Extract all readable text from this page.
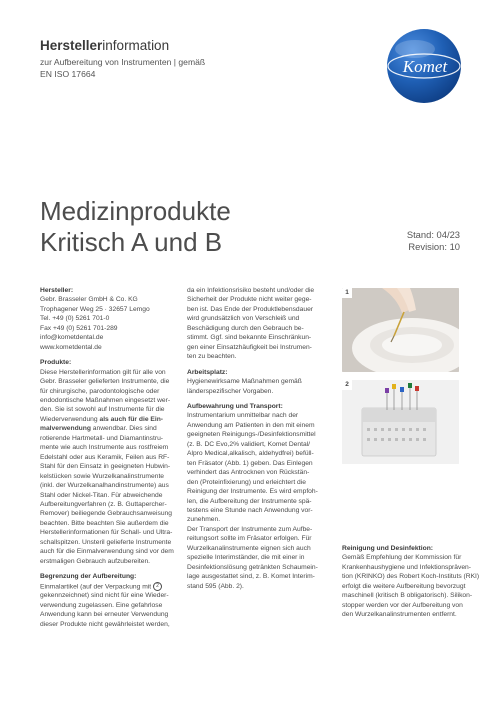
Herstellerinformation
zur Aufbereitung von Instrumenten | gemäß
EN ISO 17664	Komet
Medizinprodukte
Kritisch A und B	Stand: 04/23
Revision: 10

Hersteller:
Gebr. Brasseler GmbH & Co. KG
Trophagener Weg 25 · 32657 Lemgo
Tel. +49 (0) 5261 701-0
Fax +49 (0) 5261 701-289
info@kometdental.de
www.kometdental.de

Produkte:
Diese Herstellerinformation gilt für alle von
Gebr. Brasseler gelieferten Instrumente, die
für chirurgische, parodontologische oder
endodontische Maßnahmen eingesetzt wer-
den. Sie ist sowohl auf Instrumente für die
Wiederverwendung als auch für die Ein-
malverwendung anwendbar. Dies sind
rotierende Hartmetall- und Diamantinstru-
mente wie auch Instrumente aus rostfreiem
Edelstahl oder aus Keramik, Feilen aus RF-
Stahl für den Einsatz in geeigneten Hubwin-
kelstücken sowie Wurzelkanalinstrumente
(inkl. der Wurzelkanalhandinstrumente) aus
Stahl oder Nickel-Titan. Für abweichende
Aufbereitungverfahren (z. B. Guttapercher-
Remover) beiliegende Gebrauchsanweisung
beachten. Bitte beachten Sie außerdem die
Herstellerinformationen für Schall- und Ultra-
schallspitzen. Unsteril gelieferte Instrumente
auch für die Einmalverwendung sind vor dem
erstmaligen Gebrauch aufzubereiten.

Begrenzung der Aufbereitung:
Einmalartikel (auf der Verpackung mit 2
gekennzeichnet) sind nicht für eine Wieder-
verwendung zugelassen. Eine gefahrlose
Anwendung kann bei erneuter Verwendung
dieser Produkte nicht gewährleistet werden,

da ein Infektionsrisiko besteht und/oder die
Sicherheit der Produkte nicht weiter gege-
ben ist. Das Ende der Produktlebensdauer
wird grundsätzlich von Verschleiß und
Beschädigung durch den Gebrauch be-
stimmt. Ggf. sind bekannte Einschränkun-
gen einer Einsatzhäufigkeit bei Instrumen-
ten zu beachten.

Arbeitsplatz:
Hygienewirksame Maßnahmen gemäß
länderspezifischer Vorgaben.

Aufbewahrung und Transport:
Instrumentarium unmittelbar nach der
Anwendung am Patienten in den mit einem
geeigneten Reinigungs-/Desinfektionsmittel
(z. B. DC Evo,2% validiert, Komet Dental/
Alpro Medical,alkalisch, aldehydfrei) befüll-
ten Fräsator (Abb. 1) geben. Das Einlegen
verhindert das Antrocknen von Rückstän-
den (Proteinfixierung) und erleichtert die
Reinigung der Instrumente. Es wird empfoh-
len, die Aufbereitung der Instrumente spä-
testens eine Stunde nach Anwendung vor-
zunehmen.
Der Transport der Instrumente zum Aufbe-
reitungsort sollte im Fräsator erfolgen. Für
Wurzelkanalinstrumente eignen sich auch
spezielle Interimständer, die mit einer in
Desinfektionslösung getränkten Schaumein-
lage ausgestattet sind, z. B. Komet Interim-
stand 595 (Abb. 2).

1
2

Reinigung und Desinfektion:
Gemäß Empfehlung der Kommission für
Krankenhaushygiene und Infektionspräven-
tion (KRINKO) des Robert Koch-Instituts (RKI)
erfolgt die weitere Aufbereitung bevorzugt
maschinell (kritisch B obligatorisch). Silikon-
stopper werden vor der Aufbereitung von
den Wurzelkanalinstrumenten entfernt.
